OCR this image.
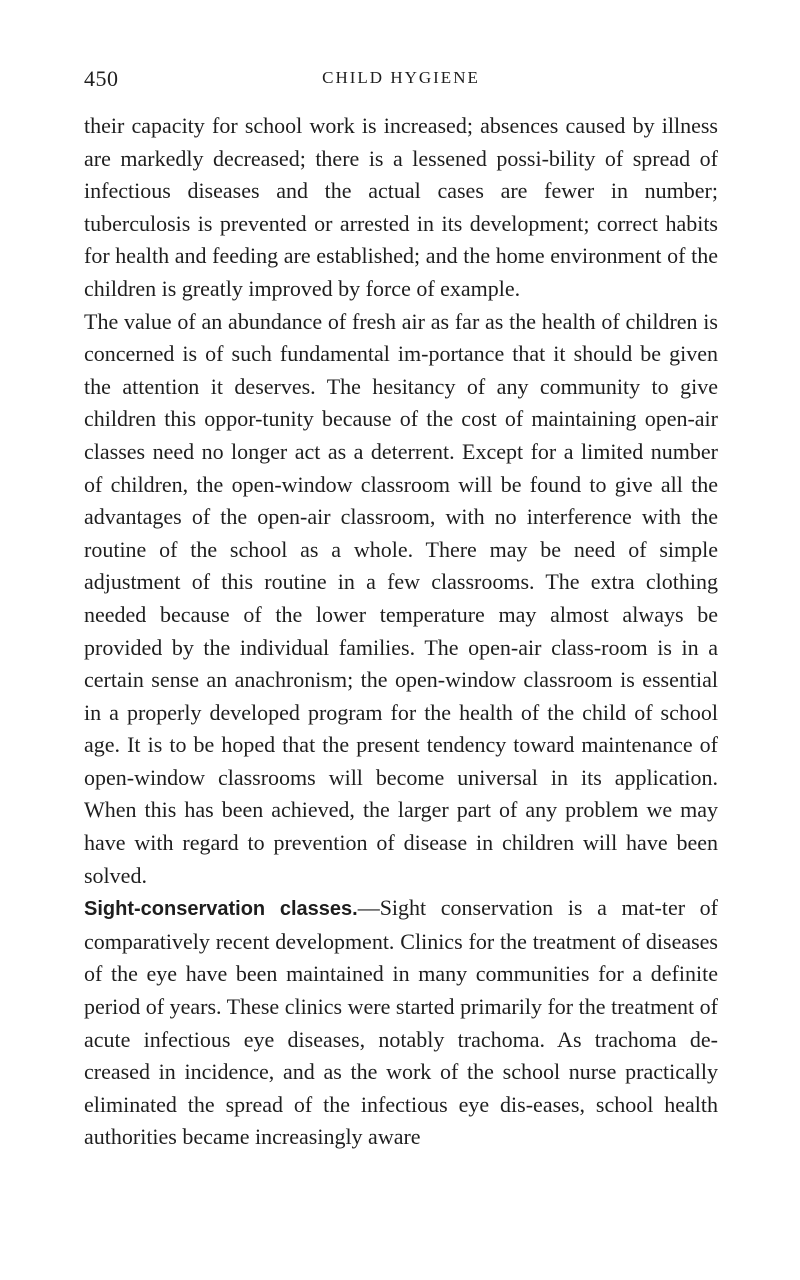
450	CHILD HYGIENE

their capacity for school work is increased; absences caused by illness are markedly decreased; there is a lessened possi-bility of spread of infectious diseases and the actual cases are fewer in number; tuberculosis is prevented or arrested in its development; correct habits for health and feeding are established; and the home environment of the children is greatly improved by force of example.

The value of an abundance of fresh air as far as the health of children is concerned is of such fundamental im-portance that it should be given the attention it deserves. The hesitancy of any community to give children this oppor-tunity because of the cost of maintaining open-air classes need no longer act as a deterrent. Except for a limited number of children, the open-window classroom will be found to give all the advantages of the open-air classroom, with no interference with the routine of the school as a whole. There may be need of simple adjustment of this routine in a few classrooms. The extra clothing needed because of the lower temperature may almost always be provided by the individual families. The open-air class-room is in a certain sense an anachronism; the open-window classroom is essential in a properly developed program for the health of the child of school age. It is to be hoped that the present tendency toward maintenance of open-window classrooms will become universal in its application. When this has been achieved, the larger part of any problem we may have with regard to prevention of disease in children will have been solved.

Sight-conservation classes.—Sight conservation is a mat-ter of comparatively recent development. Clinics for the treatment of diseases of the eye have been maintained in many communities for a definite period of years. These clinics were started primarily for the treatment of acute infectious eye diseases, notably trachoma. As trachoma de-creased in incidence, and as the work of the school nurse practically eliminated the spread of the infectious eye dis-eases, school health authorities became increasingly aware
